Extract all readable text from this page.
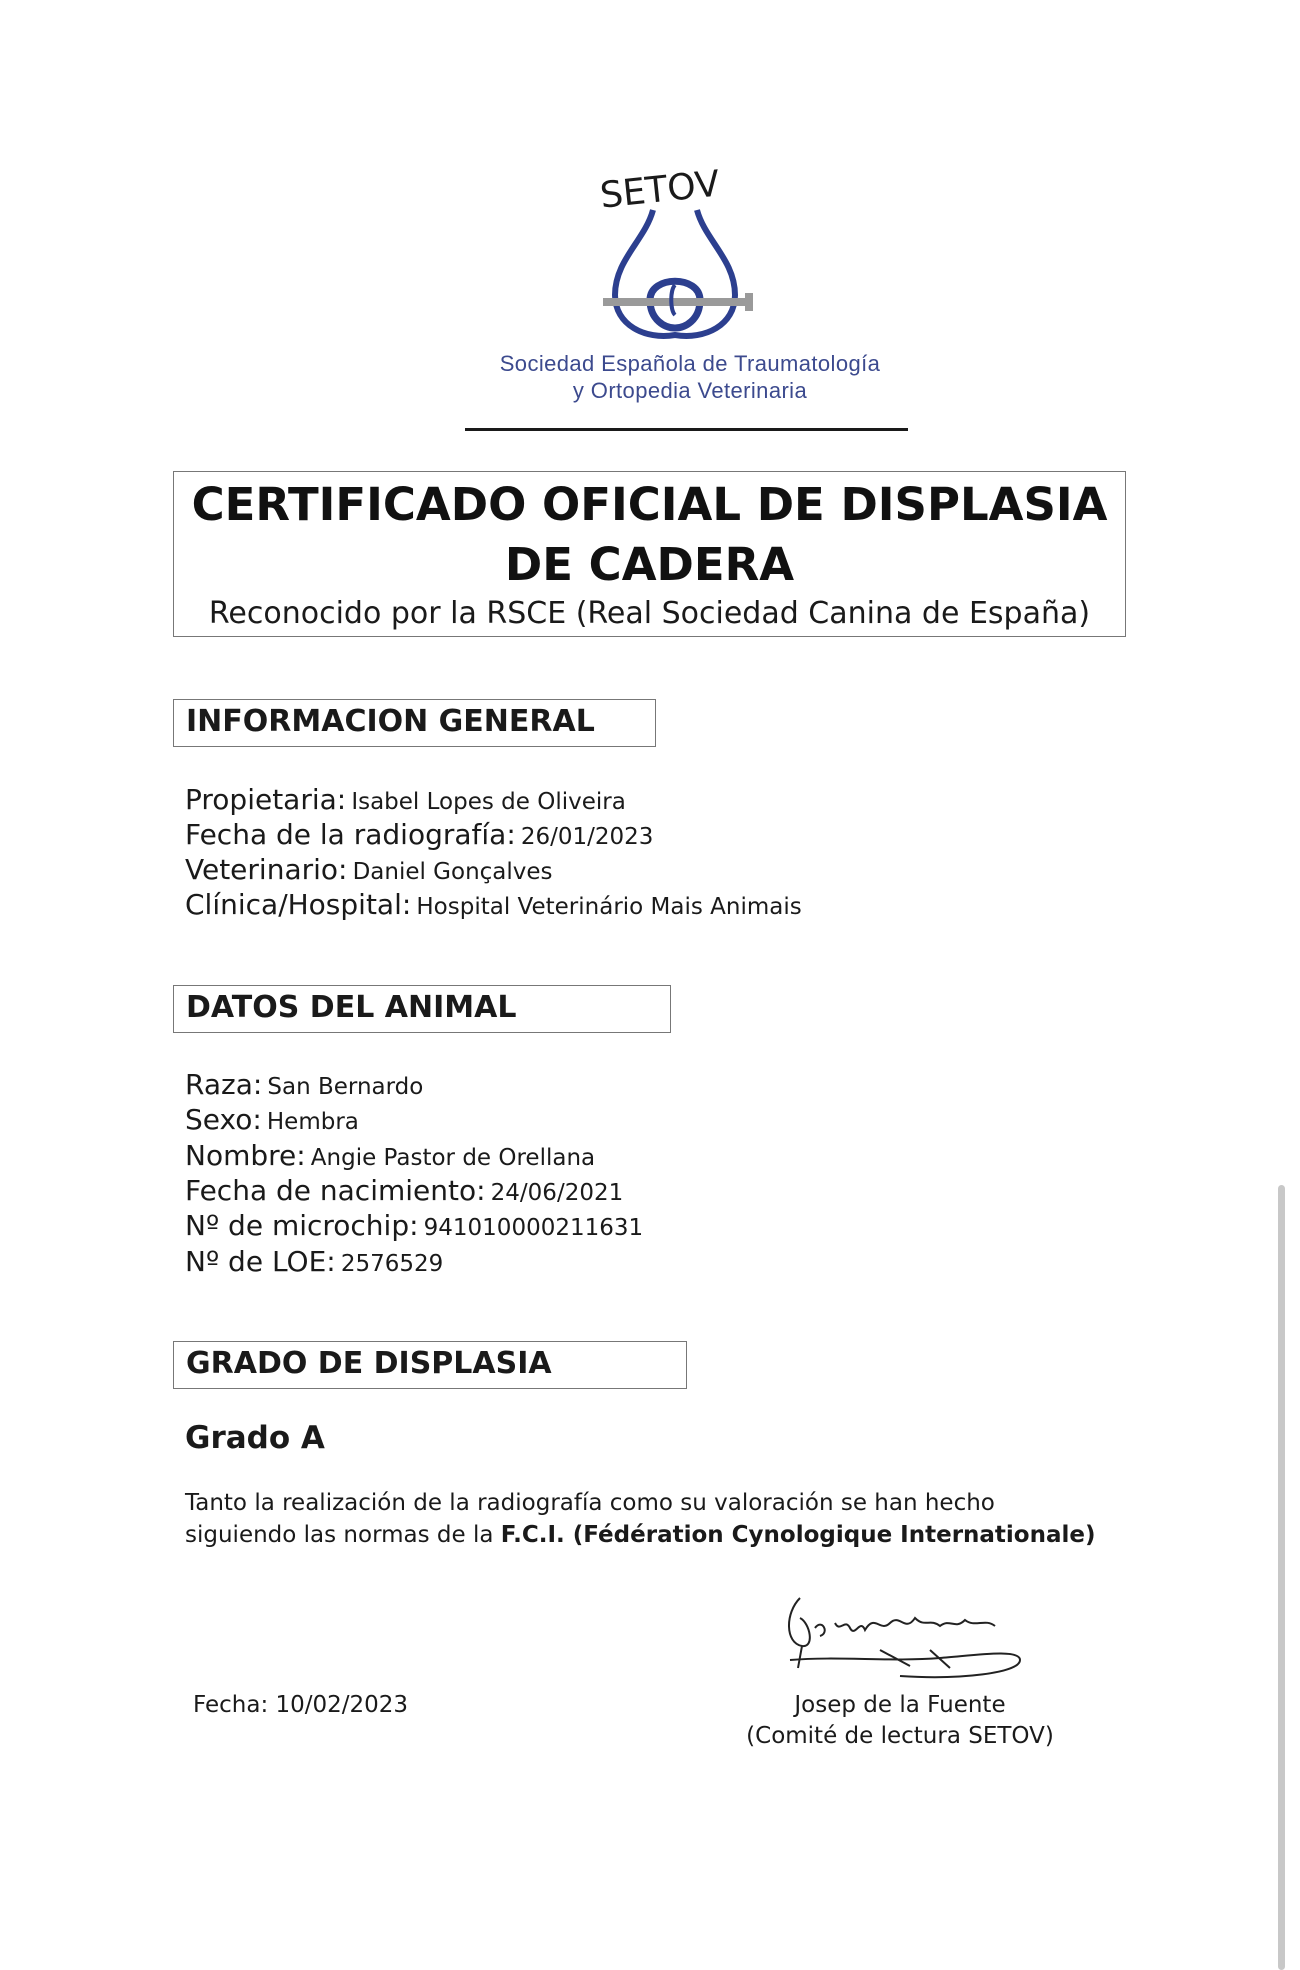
SETOV
Sociedad Española de Traumatología
y Ortopedia Veterinaria
CERTIFICADO OFICIAL DE DISPLASIA
DE CADERA
Reconocido por la RSCE (Real Sociedad Canina de España)
INFORMACION GENERAL
Propietaria: Isabel Lopes de Oliveira
Fecha de la radiografía: 26/01/2023
Veterinario: Daniel Gonçalves
Clínica/Hospital: Hospital Veterinário Mais Animais
DATOS DEL ANIMAL
Raza: San Bernardo
Sexo: Hembra
Nombre: Angie Pastor de Orellana
Fecha de nacimiento: 24/06/2021
Nº de microchip: 941010000211631
Nº de LOE: 2576529
GRADO DE DISPLASIA
Grado A
Tanto la realización de la radiografía como su valoración se han hecho
siguiendo las normas de la F.C.I. (Fédération Cynologique Internationale)
Fecha: 10/02/2023	Josep de la Fuente
(Comité de lectura SETOV)
